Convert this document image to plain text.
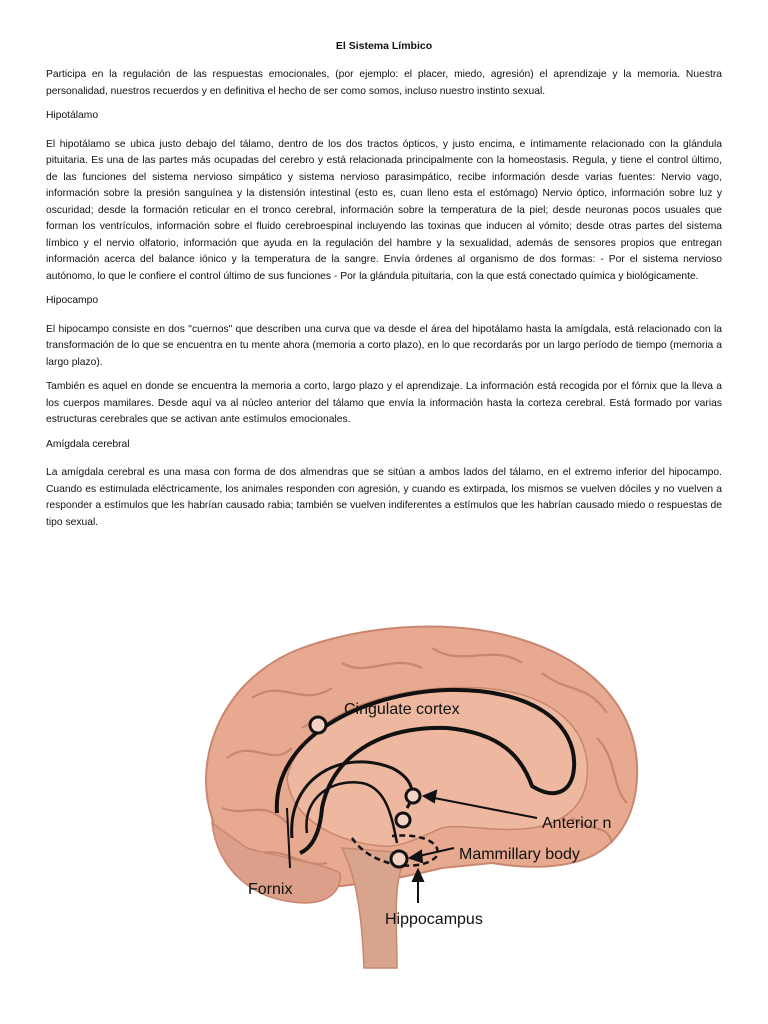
El Sistema Límbico

Participa en la regulación de las respuestas emocionales, (por ejemplo: el placer, miedo, agresión) el aprendizaje y la memoria. Nuestra personalidad, nuestros recuerdos y en definitiva el hecho de ser como somos, incluso nuestro instinto sexual.

Hipotálamo

El hipotálamo se ubica justo debajo del tálamo, dentro de los dos tractos ópticos, y justo encima, e íntimamente relacionado con la glándula pituitaria. Es una de las partes más ocupadas del cerebro y está relacionada principalmente con la homeostasis. Regula, y tiene el control último, de las funciones del sistema nervioso simpático y sistema nervioso parasimpático, recibe información desde varias fuentes: Nervio vago, información sobre la presión sanguínea y la distensión intestinal (esto es, cuan lleno esta el estómago) Nervio óptico, información sobre luz y oscuridad; desde la formación reticular en el tronco cerebral, información sobre la temperatura de la piel; desde neuronas pocos usuales que forman los ventrículos, información sobre el fluido cerebroespinal incluyendo las toxinas que inducen al vómito; desde otras partes del sistema límbico y el nervio olfatorio, información que ayuda en la regulación del hambre y la sexualidad, además de sensores propios que entregan información acerca del balance iónico y la temperatura de la sangre. Envía órdenes al organismo de dos formas: - Por el sistema nervioso autónomo, lo que le confiere el control último de sus funciones - Por la glándula pituitaria, con la que está conectado química y biológicamente.

Hipocampo

El hipocampo consiste en dos "cuernos" que describen una curva que va desde el área del hipotálamo hasta la amígdala, está relacionado con la transformación de lo que se encuentra en tu mente ahora (memoria a corto plazo), en lo que recordarás por un largo período de tiempo (memoria a largo plazo).

También es aquel en donde se encuentra la memoria a corto, largo plazo y el aprendizaje. La información está recogida por el fórnix que la lleva a los cuerpos mamilares. Desde aquí va al núcleo anterior del tálamo que envía la información hasta la corteza cerebral. Está formado por varias estructuras cerebrales que se activan ante estímulos emocionales.

Amígdala cerebral

La amígdala cerebral es una masa con forma de dos almendras que se sitúan a ambos lados del tálamo, en el extremo inferior del hipocampo. Cuando es estimulada eléctricamente, los animales responden con agresión, y cuando es extirpada, los mismos se vuelven dóciles y no vuelven a responder a estímulos que les habrían causado rabia; también se vuelven indiferentes a estímulos que les habrían causado miedo o respuestas de tipo sexual.

Cingulate cortex
Anterior n
Mammillary body
Fornix
Hippocampus
